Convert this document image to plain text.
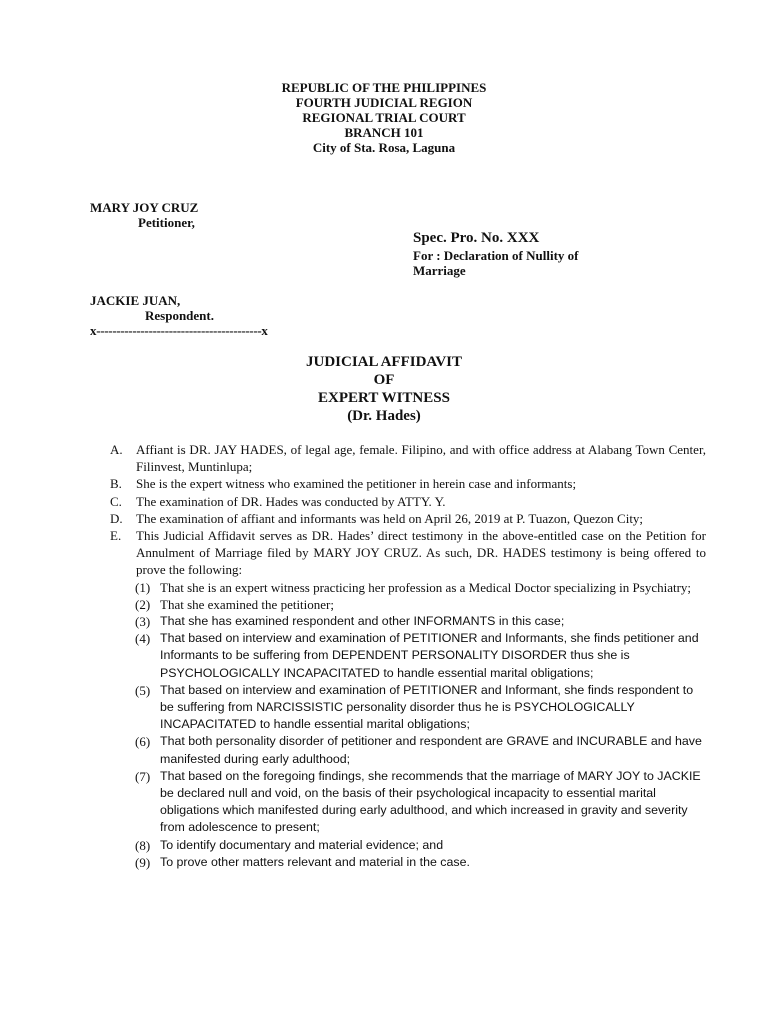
REPUBLIC OF THE PHILIPPINES
FOURTH JUDICIAL REGION
REGIONAL TRIAL COURT
BRANCH 101
City of Sta. Rosa, Laguna
MARY JOY CRUZ
Petitioner,
Spec. Pro. No. XXX
For : Declaration of Nullity of
Marriage
JACKIE JUAN,
Respondent.
x-----------------------------------------x
JUDICIAL AFFIDAVIT
OF
EXPERT WITNESS
(Dr. Hades)
A. Affiant is DR. JAY HADES, of legal age, female. Filipino, and with office address at Alabang Town Center, Filinvest, Muntinlupa;
B. She is the expert witness who examined the petitioner in herein case and informants;
C. The examination of DR. Hades was conducted by ATTY. Y.
D. The examination of affiant and informants was held on April 26, 2019 at P. Tuazon, Quezon City;
E. This Judicial Affidavit serves as DR. Hades’ direct testimony in the above-entitled case on the Petition for Annulment of Marriage filed by MARY JOY CRUZ. As such, DR. HADES testimony is being offered to prove the following:
(1) That she is an expert witness practicing her profession as a Medical Doctor specializing in Psychiatry;
(2) That she examined the petitioner;
(3) That she has examined respondent and other INFORMANTS in this case;
(4) That based on interview and examination of PETITIONER and Informants, she finds petitioner and Informants to be suffering from DEPENDENT PERSONALITY DISORDER thus she is PSYCHOLOGICALLY INCAPACITATED to handle essential marital obligations;
(5) That based on interview and examination of PETITIONER and Informant, she finds respondent to be suffering from NARCISSISTIC personality disorder thus he is PSYCHOLOGICALLY INCAPACITATED to handle essential marital obligations;
(6) That both personality disorder of petitioner and respondent are GRAVE and INCURABLE and have manifested during early adulthood;
(7) That based on the foregoing findings, she recommends that the marriage of MARY JOY to JACKIE be declared null and void, on the basis of their psychological incapacity to essential marital obligations which manifested during early adulthood, and which increased in gravity and severity from adolescence to present;
(8) To identify documentary and material evidence; and
(9) To prove other matters relevant and material in the case.
